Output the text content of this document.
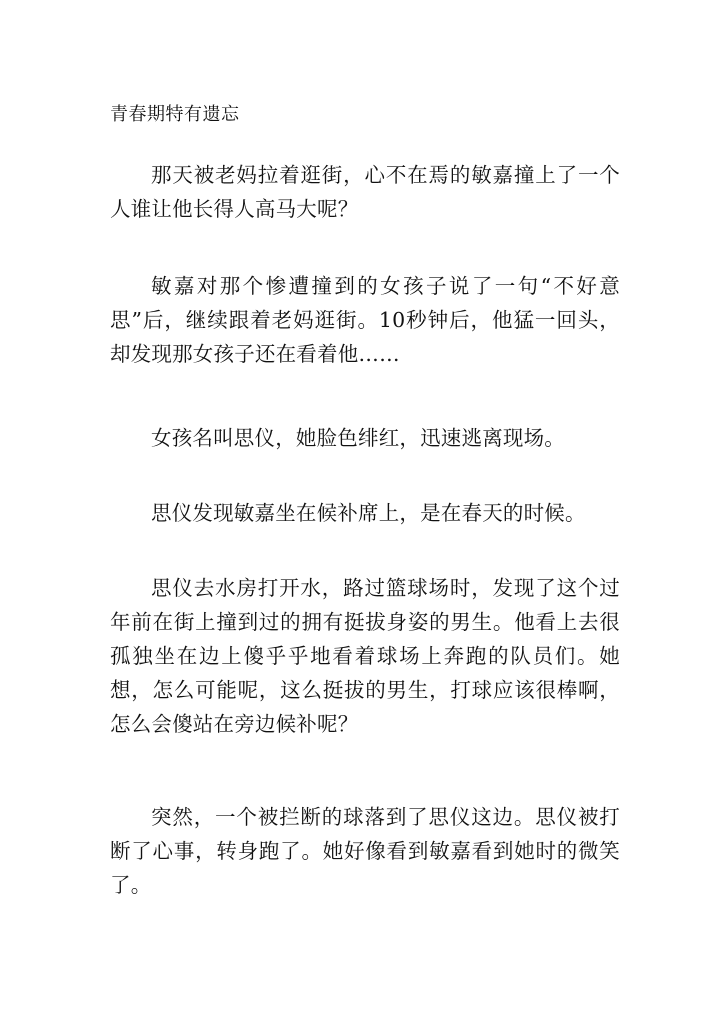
青春期特有遗忘

那天被老妈拉着逛街，心不在焉的敏嘉撞上了一个人谁让他长得人高马大呢？

敏嘉对那个惨遭撞到的女孩子说了一句“不好意思”后，继续跟着老妈逛街。10秒钟后，他猛一回头，却发现那女孩子还在看着他……

女孩名叫思仪，她脸色绯红，迅速逃离现场。

思仪发现敏嘉坐在候补席上，是在春天的时候。

思仪去水房打开水，路过篮球场时，发现了这个过年前在街上撞到过的拥有挺拔身姿的男生。他看上去很孤独坐在边上傻乎乎地看着球场上奔跑的队员们。她想，怎么可能呢，这么挺拔的男生，打球应该很棒啊，怎么会傻站在旁边候补呢？

突然，一个被拦断的球落到了思仪这边。思仪被打断了心事，转身跑了。她好像看到敏嘉看到她时的微笑了。
